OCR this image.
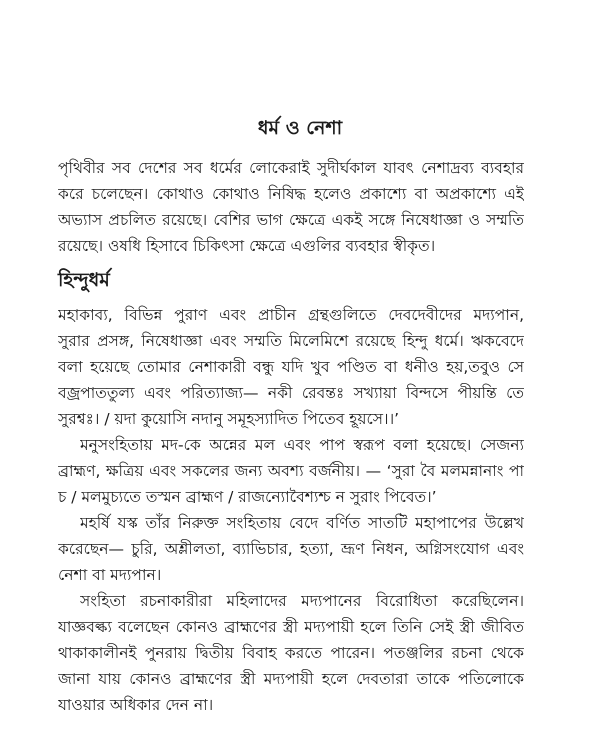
ধর্ম ও নেশা
পৃথিবীর সব দেশের সব ধর্মের লোকেরাই সুদীর্ঘকাল যাবৎ নেশাদ্রব্য ব্যবহার
করে চলেছেন। কোথাও কোথাও নিষিদ্ধ হলেও প্রকাশ্যে বা অপ্রকাশ্যে এই
অভ্যাস প্রচলিত রয়েছে। বেশির ভাগ ক্ষেত্রে একই সঙ্গে নিষেধাজ্ঞা ও সম্মতি
রয়েছে। ওষধি হিসাবে চিকিৎসা ক্ষেত্রে এগুলির ব্যবহার স্বীকৃত।
হিন্দুধর্ম
মহাকাব্য, বিভিন্ন পুরাণ এবং প্রাচীন গ্রন্থগুলিতে দেবদেবীদের মদ্যপান,
সুরার প্রসঙ্গ, নিষেধাজ্ঞা এবং সম্মতি মিলেমিশে রয়েছে হিন্দু ধর্মে। ঋকবেদে
বলা হয়েছে তোমার নেশাকারী বন্ধু যদি খুব পণ্ডিত বা ধনীও হয়,তবুও সে
বজ্রপাততুল্য এবং পরিত্যাজ্য— নকী রেবন্তঃ সখ্যায়া বিন্দসে পীয়ন্তি তে
সুরশ্বঃ। / য়দা কুয়োসি নদানু সমূহস্যাদিত পিতেব হূয়সে।।’
মনুসংহিতায় মদ-কে অন্নের মল এবং পাপ স্বরূপ বলা হয়েছে। সেজন্য
ব্রাহ্মণ, ক্ষত্রিয় এবং সকলের জন্য অবশ্য বর্জনীয়। — ‘সুরা বৈ মলমন্নানাং পা
চ / মলমুচ্যতে তস্মন ব্রাহ্মণ / রাজন্যোবৈশ্যশ্চ ন সুরাং পিবেত।’
মহর্ষি যস্ক তাঁর নিরুক্ত সংহিতায় বেদে বর্ণিত সাতটি মহাপাপের উল্লেখ
করেছেন— চুরি, অশ্লীলতা, ব্যাভিচার, হত্যা, ভ্রূণ নিধন, অগ্নিসংযোগ এবং
নেশা বা মদ্যপান।
সংহিতা রচনাকারীরা মহিলাদের মদ্যপানের বিরোধিতা করেছিলেন।
যাজ্ঞবল্ক্য বলেছেন কোনও ব্রাহ্মণের স্ত্রী মদ্যপায়ী হলে তিনি সেই স্ত্রী জীবিত
থাকাকালীনই পুনরায় দ্বিতীয় বিবাহ করতে পারেন। পতঞ্জলির রচনা থেকে
জানা যায় কোনও ব্রাহ্মণের স্ত্রী মদ্যপায়ী হলে দেবতারা তাকে পতিলোকে
যাওয়ার অধিকার দেন না।
